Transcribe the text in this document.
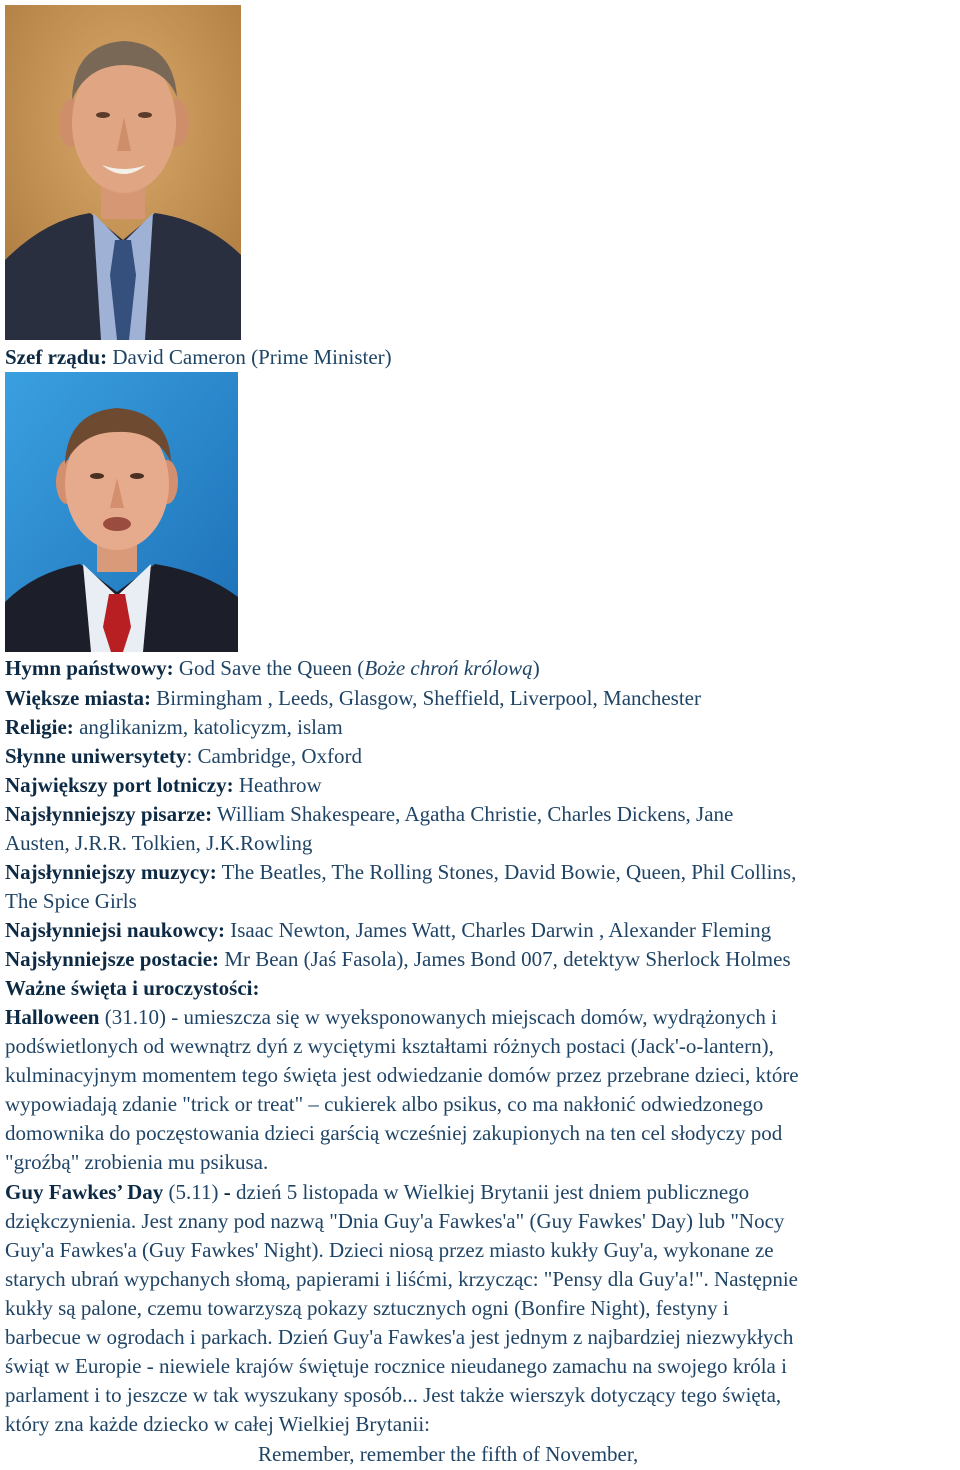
Szef rządu: David Cameron (Prime Minister)
Hymn państwowy: God Save the Queen (Boże chroń królową)
Większe miasta: Birmingham , Leeds, Glasgow, Sheffield, Liverpool, Manchester
Religie: anglikanizm, katolicyzm, islam
Słynne uniwersytety: Cambridge, Oxford
Największy port lotniczy: Heathrow
Najsłynniejszy pisarze: William Shakespeare, Agatha Christie, Charles Dickens, Jane
Austen, J.R.R. Tolkien, J.K.Rowling
Najsłynniejszy muzycy: The Beatles, The Rolling Stones, David Bowie, Queen, Phil Collins,
The Spice Girls
Najsłynniejsi naukowcy: Isaac Newton, James Watt, Charles Darwin , Alexander Fleming
Najsłynniejsze postacie: Mr Bean (Jaś Fasola), James Bond 007, detektyw Sherlock Holmes
Ważne święta i uroczystości:
Halloween (31.10) - umieszcza się w wyeksponowanych miejscach domów, wydrążonych i
podświetlonych od wewnątrz dyń z wyciętymi kształtami różnych postaci (Jack'-o-lantern),
kulminacyjnym momentem tego święta jest odwiedzanie domów przez przebrane dzieci, które
wypowiadają zdanie "trick or treat" – cukierek albo psikus, co ma nakłonić odwiedzonego
domownika do poczęstowania dzieci garścią wcześniej zakupionych na ten cel słodyczy pod
"groźbą" zrobienia mu psikusa.
Guy Fawkes’ Day (5.11) - dzień 5 listopada w Wielkiej Brytanii jest dniem publicznego
dziękczynienia. Jest znany pod nazwą "Dnia Guy'a Fawkes'a" (Guy Fawkes' Day) lub "Nocy
Guy'a Fawkes'a (Guy Fawkes' Night). Dzieci niosą przez miasto kukły Guy'a, wykonane ze
starych ubrań wypchanych słomą, papierami i liśćmi, krzycząc: "Pensy dla Guy'a!". Następnie
kukły są palone, czemu towarzyszą pokazy sztucznych ogni (Bonfire Night), festyny i
barbecue w ogrodach i parkach. Dzień Guy'a Fawkes'a jest jednym z najbardziej niezwykłych
świąt w Europie - niewiele krajów świętuje rocznice nieudanego zamachu na swojego króla i
parlament i to jeszcze w tak wyszukany sposób... Jest także wierszyk dotyczący tego święta,
który zna każde dziecko w całej Wielkiej Brytanii:
Remember, remember the fifth of November,
